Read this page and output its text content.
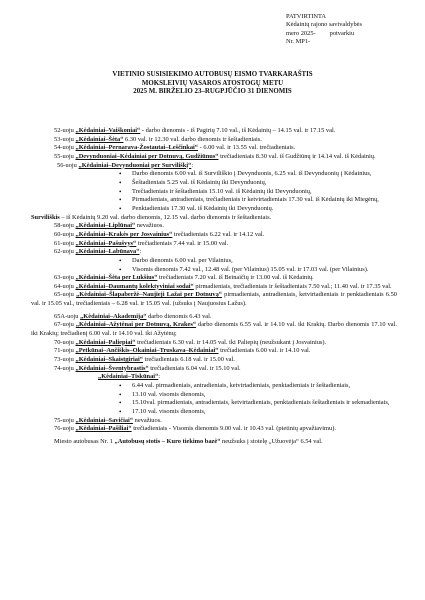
PATVIRTINTA
Kėdainių rajono savivaldybės
mero 2025- potvarkiu
Nr. MP1-
VIETINIO SUSISIEKIMO AUTOBUSŲ EISMO TVARKARAŠTIS
MOKSLEIVIŲ VASAROS ATOSTOGŲ METU
2025 M. BIRŽELIO 23–RUGPJŪČIO 31 DIENOMIS

52-uoju „Kėdainiai–Vaiškoniai“ - darbo dienomis - iš Pagirių 7.10 val., iš Kėdainių – 14.15 val. ir 17.15 val.

53-uoju „Kėdainiai–Šėta“ 6.30 val. ir 12.30 val. darbo dienomis ir šeštadieniais.

54-uoju „Kėdainiai–Pernarava-Žostautai–Leščinkai“ - 6.00 val. ir 13.55 val. trečiadieniais.

55-uoju „Devynduoniai–Kėdainiai per Dotnuvą, Gudžiūnus“ trečiadieniais 8.30 val. iš Gudžiūnų ir 14.14 val. iš Kėdainių.

56-uoju „Kėdainiai–Devynduoniai per Surviliškį“:

• Darbo dienomis 6.00 val. iš Surviliškio į Devynduonis, 6.25 val. iš Devynduonių į Kėdainius,
• Šeštadieniais 5.25 val. iš Kėdainių iki Devynduonių,
• Trečiadieniais ir šeštadieniais 15.10 val. iš Kėdainių iki Devynduonių,
• Pirmadieniais, antradieniais, trečiadieniais ir ketvirtadieniais 17.30 val. iš Kėdainių iki Miegėnų,
• Penktadieniais 17.30 val. iš Kėdainių iki Devynduonių.

Surviliškis – iš Kėdainių 9.20 val. darbo dienomis, 12.15 val. darbo dienomis ir šeštadieniais.

58-uoju „Kėdainiai–Liplūnai“ nevažiuos.

60-uoju „Kėdainiai–Krakės per Josvainius“ trečiadieniais 6.22 val. ir 14.12 val.

61-uoju „Kėdainiai–Pašušvys“ trečiadieniais 7.44 val. ir 15.00 val.

62-uoju „Kėdainiai–Labūnava“:

• Darbo dienomis 6.00 val. per Vilainius,
• Visomis dienomis 7.42 val., 12.48 val. (per Vilainius) 15.05 val. ir 17.03 val. (per Vilainius).

63-uoju „Kėdainiai–Šėta per Lukšius“ trečiadieniais 7.20 val. iš Beinaičių ir 13.00 val. iš Kėdainių.

64-uoju „Kėdainiai–Daumantų kolektyviniai sodai“ pirmadieniais, trečiadieniais ir šeštadieniais 7.50 val.; 11.40 val. ir 17.35 val.

65-uoju „Kėdainiai–Šlapaberžė–Naujieji Lažai per Dotnuvą“ pirmadieniais, antradieniais, ketvirtadieniais ir penktadieniais 6.50 val. ir 15.05 val., trečiadieniais – 6.28 val. ir 15.05 val. (užsuks į Naujuosius Lažus).

65A-uoju „Kėdainiai–Akademija“ darbo dienomis 6.43 val.

67-uoju „Kėdainiai–Ažytėnai per Dotnuvą, Krakes“ darbo dienomis 6.55 val. ir 14.10 val. iki Krakių. Darbo dienomis 17.10 val. iki Krakių; trečiadienį 6.00 val. ir 14.10 val. iki Ažytėnų;

70-uoju „Kėdainiai–Paliepiai“ trečiadieniais 6.30 val. ir 14.05 val. iki Paliepių (neužsukant į Josvainius).

71-uoju „Petkūnai–Ančiškis–Okainiai–Truskava–Kėdainiai“ trečiadieniais 6.00 val. ir 14.10 val.

73-uoju „Kėdainiai–Skaistgiriai“ trečiadieniais 6.18 val. ir 15.00 val.

74-uoju „Kėdainiai–Šventybrastis“ trečiadieniais 6.04 val. ir 15.10 val.

„Kėdainiai–Tiskūnai“:

• 6.44 val. pirmadieniais, antradieniais, ketvirtadieniais, penktadieniais ir šeštadieniais,
• 13.10 val. visomis dienomis,
• 15.10val. pirmadieniais, antradieniais, ketvirtadieniais, penktadieniais šeštadieniais ir sekmadieniais,
• 17.10 val. visomis dienomis,

75-uoju „Kėdainiai–Savičiai“ nevažiuos.

76-uoju „Kėdainiai–Pašiliai“ trečiadieniais - Visomis dienomis 9.00 val. ir 10.43 val. (pietinių apvažiavimu).

Miesto autobusas Nr. 1 „Autobusų stotis – Kuro tiekimo bazė“ neužsuks į stotelę „Užuovėja“ 6.54 val.
